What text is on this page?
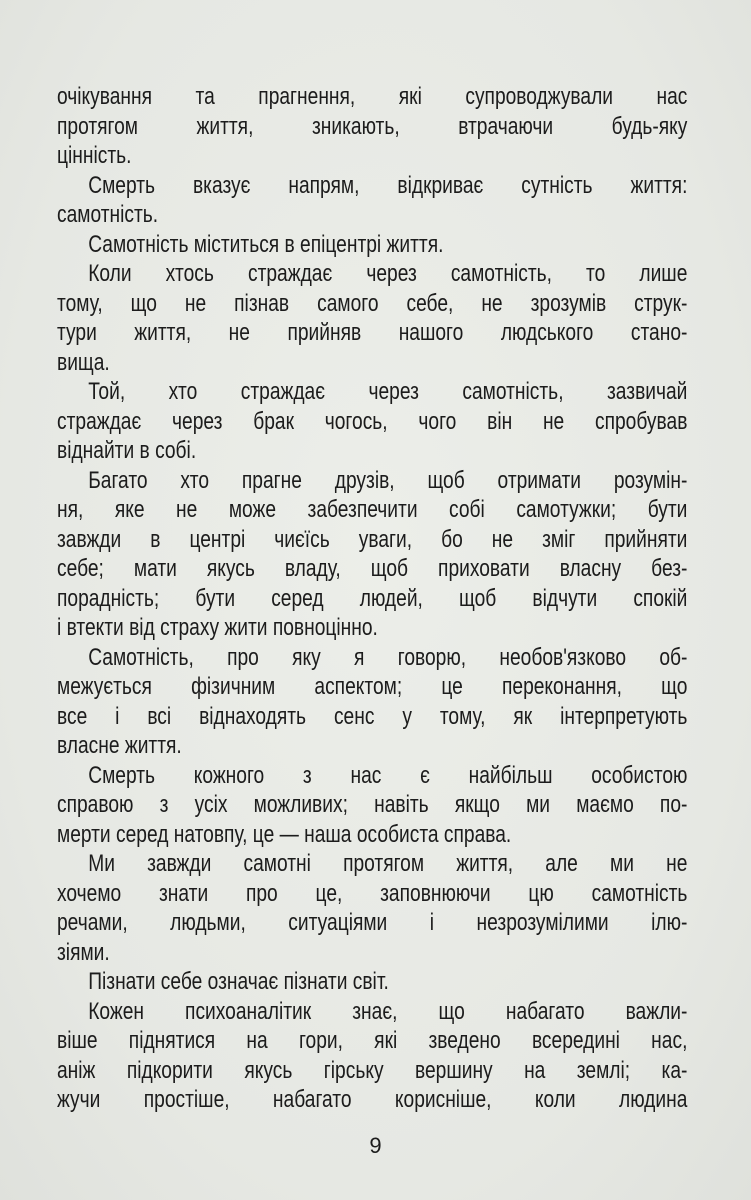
очікування та прагнення, які супроводжували нас
протягом життя, зникають, втрачаючи будь-яку
цінність.
Смерть вказує напрям, відкриває сутність життя:
самотність.
Самотність міститься в епіцентрі життя.
Коли хтось страждає через самотність, то лише
тому, що не пізнав самого себе, не зрозумів струк-
тури життя, не прийняв нашого людського стано-
вища.
Той, хто страждає через самотність, зазвичай
страждає через брак чогось, чого він не спробував
віднайти в собі.
Багато хто прагне друзів, щоб отримати розумін-
ня, яке не може забезпечити собі самотужки; бути
завжди в центрі чиєїсь уваги, бо не зміг прийняти
себе; мати якусь владу, щоб приховати власну без-
порадність; бути серед людей, щоб відчути спокій
і втекти від страху жити повноцінно.
Самотність, про яку я говорю, необов'язково об-
межується фізичним аспектом; це переконання, що
все і всі віднаходять сенс у тому, як інтерпретують
власне життя.
Смерть кожного з нас є найбільш особистою
справою з усіх можливих; навіть якщо ми маємо по-
мерти серед натовпу, це — наша особиста справа.
Ми завжди самотні протягом життя, але ми не
хочемо знати про це, заповнюючи цю самотність
речами, людьми, ситуаціями і незрозумілими ілю-
зіями.
Пізнати себе означає пізнати світ.
Кожен психоаналітик знає, що набагато важли-
віше піднятися на гори, які зведено всередині нас,
аніж підкорити якусь гірську вершину на землі; ка-
жучи простіше, набагато корисніше, коли людина
9
